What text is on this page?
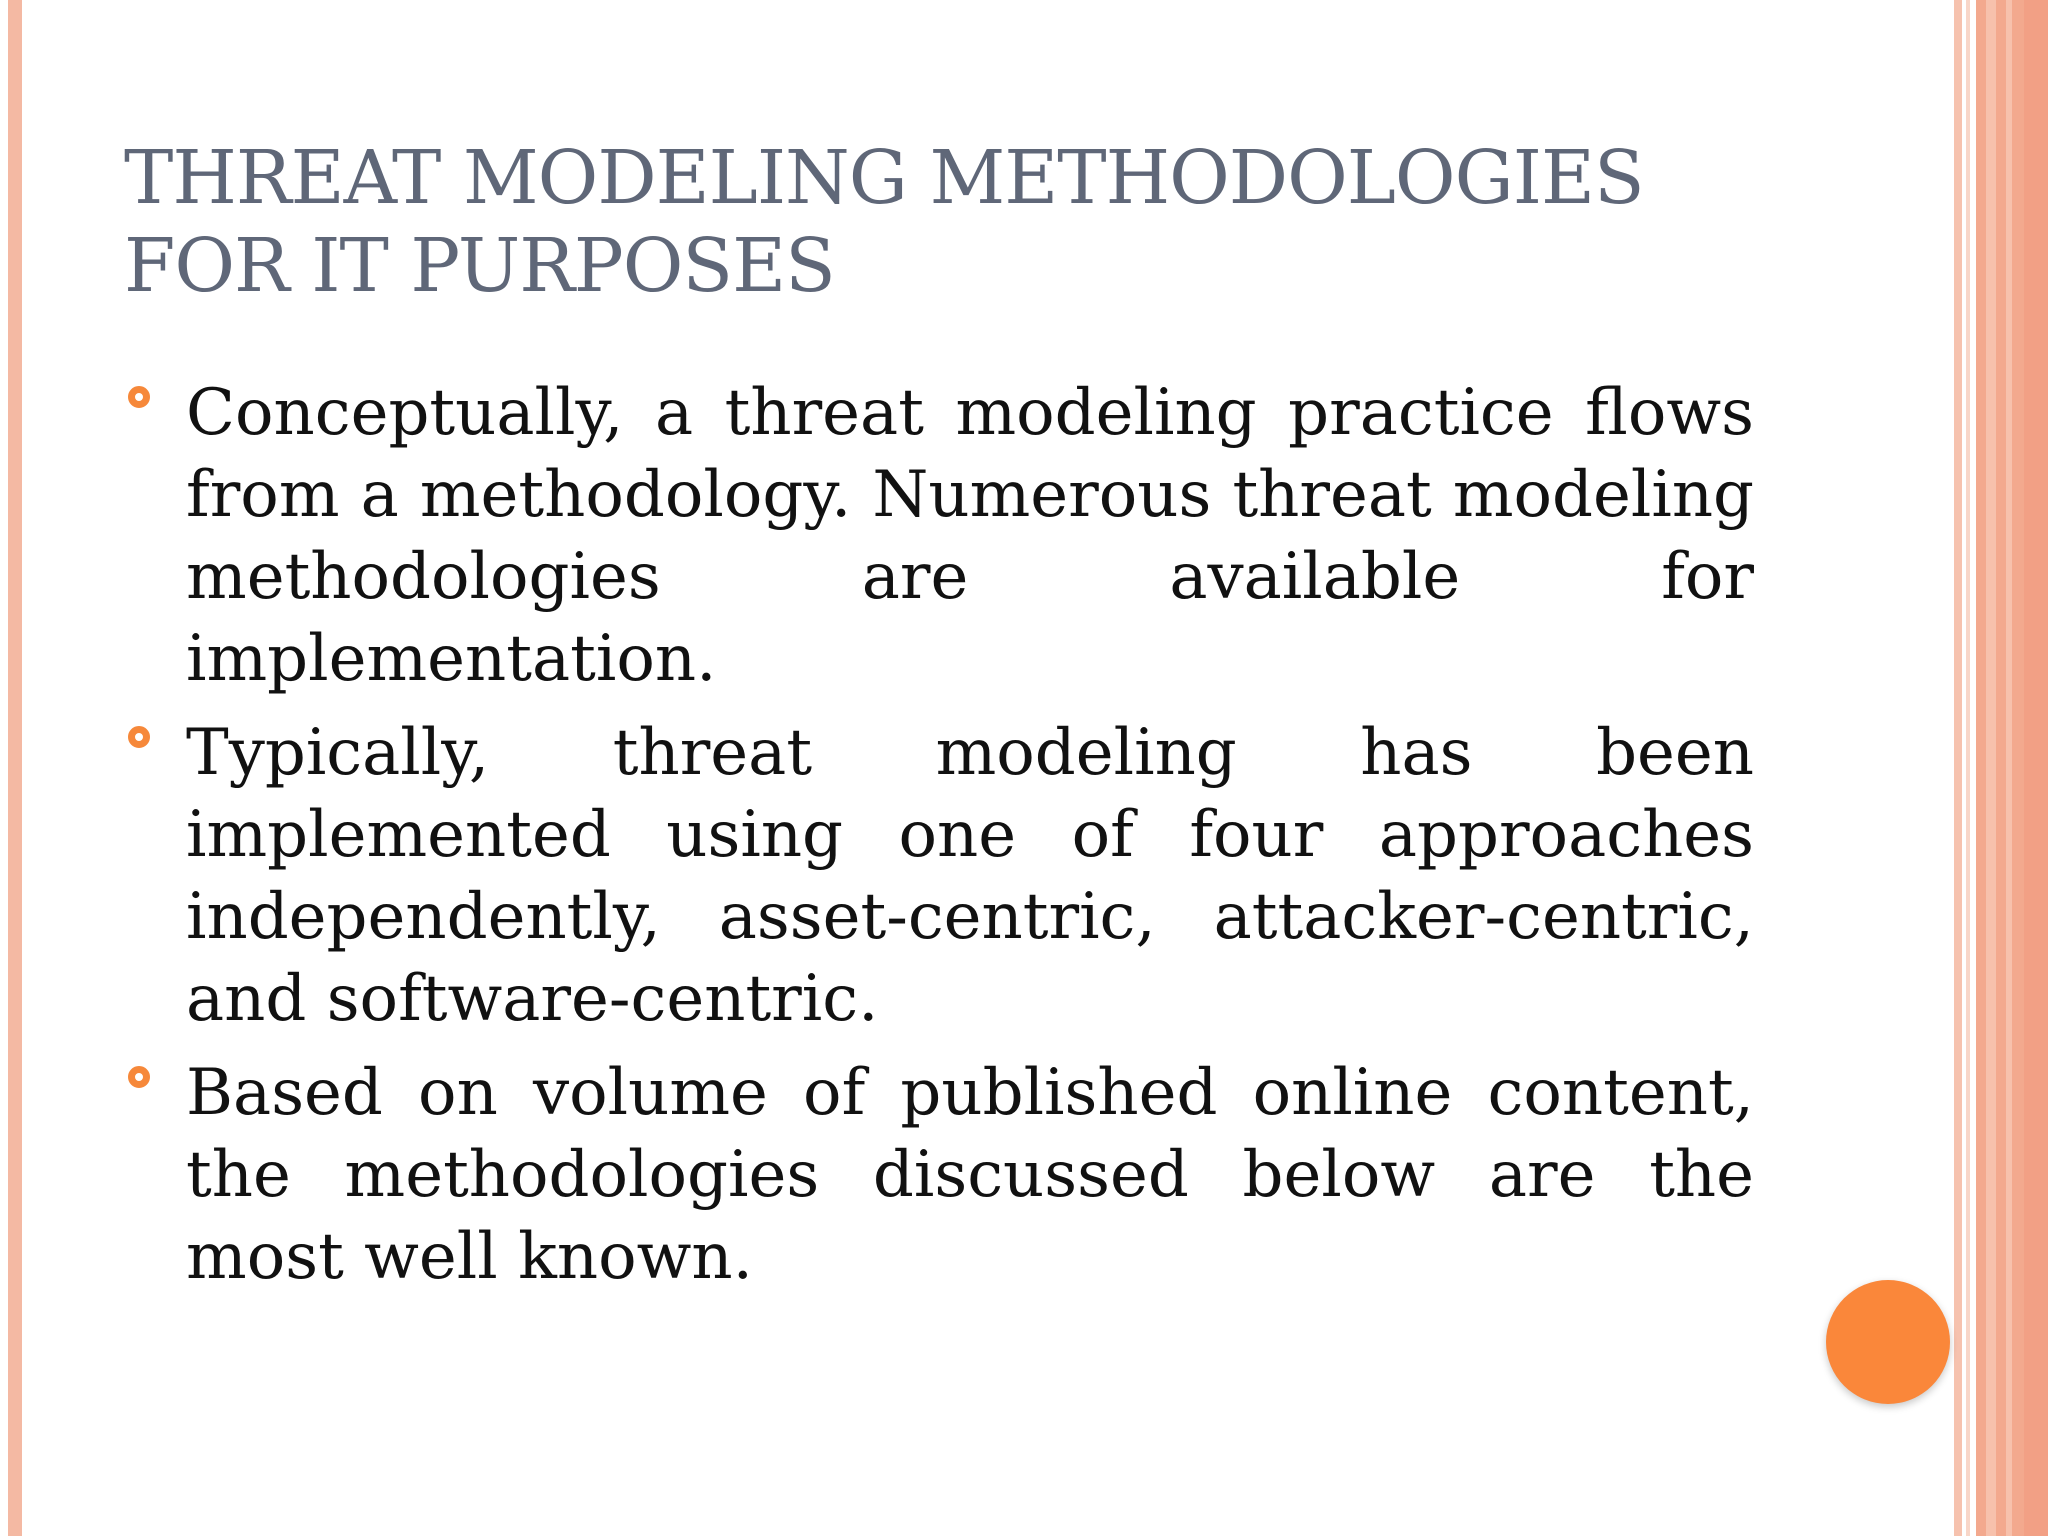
THREAT MODELING METHODOLOGIES
FOR IT PURPOSES
Conceptually, a threat modeling practice flows from a methodology. Numerous threat modeling methodologies are available for implementation.
Typically, threat modeling has been implemented using one of four approaches independently, asset-centric, attacker-centric, and software-centric.
Based on volume of published online content, the methodologies discussed below are the most well known.
